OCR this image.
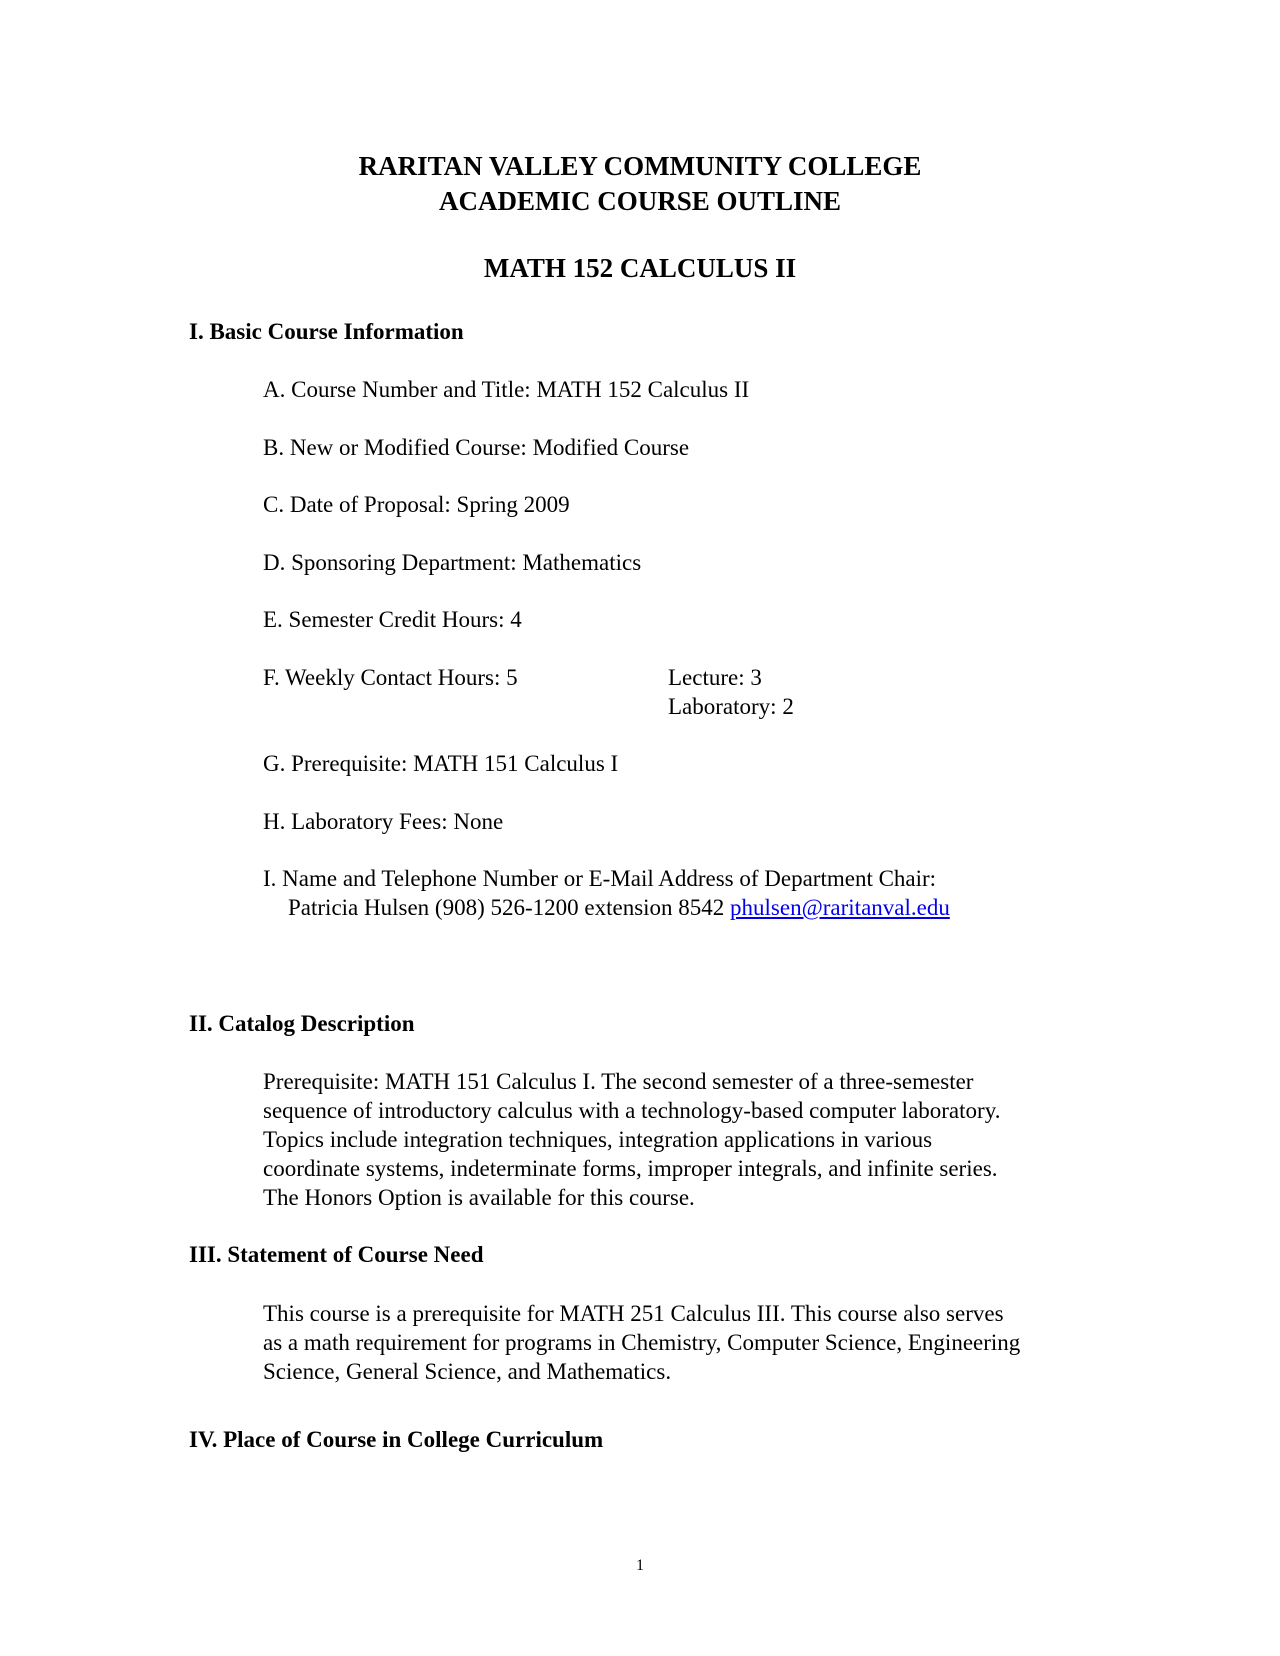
RARITAN VALLEY COMMUNITY COLLEGE
ACADEMIC COURSE OUTLINE
MATH 152 CALCULUS II
I. Basic Course Information
A. Course Number and Title: MATH 152 Calculus II
B. New or Modified Course: Modified Course
C. Date of Proposal: Spring 2009
D. Sponsoring Department: Mathematics
E. Semester Credit Hours: 4
F. Weekly Contact Hours: 5	Lecture: 3
Laboratory: 2
G. Prerequisite: MATH 151 Calculus I
H. Laboratory Fees: None
I. Name and Telephone Number or E-Mail Address of Department Chair:
Patricia Hulsen (908) 526-1200 extension 8542 phulsen@raritanval.edu
II. Catalog Description
Prerequisite: MATH 151 Calculus I. The second semester of a three-semester
sequence of introductory calculus with a technology-based computer laboratory.
Topics include integration techniques, integration applications in various
coordinate systems, indeterminate forms, improper integrals, and infinite series.
The Honors Option is available for this course.
III. Statement of Course Need
This course is a prerequisite for MATH 251 Calculus III. This course also serves
as a math requirement for programs in Chemistry, Computer Science, Engineering
Science, General Science, and Mathematics.
IV. Place of Course in College Curriculum
1
